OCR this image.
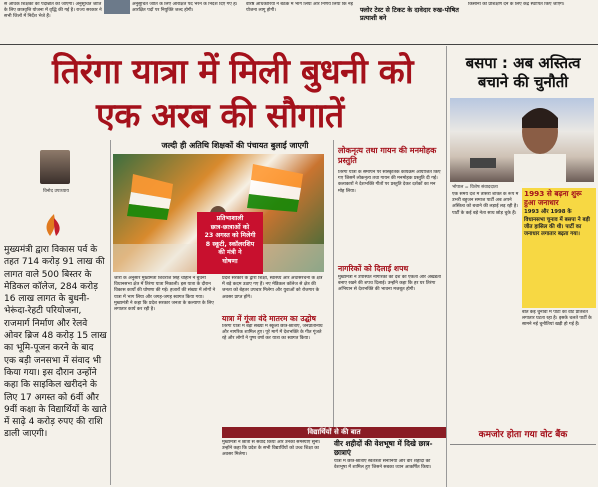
से अधिक शिक्षकों की पदोन्नति की जाएगी। अनुसूचित जाति के लिए छात्रवृत्ति योजना में वृद्धि की गई है। राज्य सरकार ने सभी जिलों में निर्देश भेजे हैं।
अनुसूचित जाति के लिए आरक्षित पद भरने के निर्देश दिए गए हैं। आरक्षित पदों पर नियुक्ति जल्द होगी।
वरिष्ठ अधिकारियों ने बैठक में भाग लिया और निर्णय लिया कि नई योजना लागू होगी।	फ्लोर टेस्ट से टिकट के दावेदार रुख-पोषित प्रत्याशी बने
किसानों को प्रशिक्षण देने के लिए केंद्र स्थापित किए जाएंगे।
तिरंगा यात्रा में मिली बुधनी को
एक अरब की सौगातें
जल्दी ही अतिथि शिक्षकों की पंचायत बुलाई जाएगी
विनोद उपाध्याय
मुख्यमंत्री द्वारा विकास पर्व के तहत 714 करोड़ 91 लाख की लागत वाले 500 बिस्तर के मेडिकल कॉलेज, 284 करोड़ 16 लाख लागत के बुधनी-भेरूंदा-रेहटी परियोजना, राजमार्ग निर्माण और रेलवे ओवर ब्रिज 48 करोड़ 15 लाख का भूमि-पूजन करने के बाद एक बड़ी जनसभा में संवाद भी किया गया। इस दौरान उन्होंने कहा कि साइकिल खरीदने के लिए 17 अगस्त को 6वीं और 9वीं कक्षा के विद्यार्थियों के खाते में साढ़े 4 करोड़ रुपए की राशि डाली जाएगी।
प्रतिभाशाली
छात्र-छात्राओं को
23 अगस्त को मिलेगी
8 स्कूटी, स्कॉलरशिप
की मंत्री ने
घोषणा
जारी के अनुसार मुख्यमंत्री शिवराज सिंह चौहान ने बुधनी विधानसभा क्षेत्र में तिरंगा यात्रा निकाली। इस यात्रा के दौरान विकास कार्यों की घोषणा की गई। हजारों की संख्या में लोगों ने यात्रा में भाग लिया और जगह-जगह स्वागत किया गया। मुख्यमंत्री ने कहा कि प्रदेश सरकार जनता के कल्याण के लिए लगातार कार्य कर रही है।
प्रदेश सरकार के द्वारा शिक्षा, स्वास्थ्य और अधोसंरचना के क्षेत्र में बड़े कदम उठाए गए हैं। नए मेडिकल कॉलेज से क्षेत्र की जनता को बेहतर उपचार मिलेगा और युवाओं को रोजगार के अवसर प्राप्त होंगे।
यात्रा में गूंजा वंदे मातरम का उद्घोष
तिरंगा यात्रा में बड़ी संख्या में स्कूली छात्र-छात्राएं, जनप्रतिनिधि और नागरिक शामिल हुए। पूरे मार्ग में देशभक्ति के गीत गूंजते रहे और लोगों ने पुष्प वर्षा कर यात्रा का स्वागत किया।
लोकनृत्य तथा गायन की मनमोहक प्रस्तुति
तिरंगा यात्रा के समापन पर सांस्कृतिक कार्यक्रम आयोजित किए गए जिसमें लोकनृत्य तथा गायन की मनमोहक प्रस्तुति दी गई। कलाकारों ने देशभक्ति गीतों पर प्रस्तुति देकर दर्शकों का मन मोह लिया।
नागरिकों को दिलाई शपथ
मुख्यमंत्री ने उपस्थित नागरिकों को देश की एकता और अखंडता बनाए रखने की शपथ दिलाई। उन्होंने कहा कि हर घर तिरंगा अभियान से देशभक्ति की भावना मजबूत होगी।
विद्यार्थियों से की बात
मुख्यमंत्री ने छात्रों से संवाद किया और उनकी समस्याएं सुनीं। उन्होंने कहा कि प्रदेश के सभी विद्यार्थियों को उच्च शिक्षा का अवसर मिलेगा।
वीर शहीदों की वेशभूषा में दिखे छात्र-छात्राएं
यात्रा में छात्र-छात्राएं स्वतंत्रता सेनानियों और वीर शहीदों की वेशभूषा में शामिल हुए जिसने सबका ध्यान आकर्षित किया।
बसपा : अब अस्तित्व
बचाने की चुनौती
भोपाल = विशेष संवाददाता
एक समय देश में तीसरी शक्ति के रूप में उभरी बहुजन समाज पार्टी अब अपने अस्तित्व को बचाने की लड़ाई लड़ रही है। पार्टी के कई बड़े नेता साथ छोड़ चुके हैं।
1993 से बढ़ना शुरू हुआ जनाधार
1993 और 1998 के विधानसभा चुनाव में बसपा ने बड़ी जीत हासिल की थी। पार्टी का जनाधार लगातार बढ़ता गया।
बीते कई चुनावों में पार्टी का वोट प्रतिशत लगातार घटता रहा है। इसके चलते पार्टी के सामने नई चुनौतियां खड़ी हो गई हैं।
कमजोर होता गया वोट बैंक
